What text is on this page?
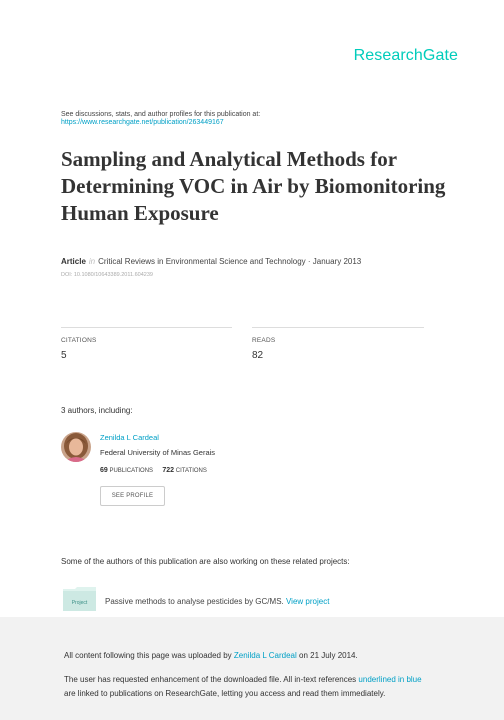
ResearchGate
See discussions, stats, and author profiles for this publication at:
https://www.researchgate.net/publication/263449167
Sampling and Analytical Methods for Determining VOC in Air by Biomonitoring Human Exposure
Article in Critical Reviews in Environmental Science and Technology · January 2013
DOI: 10.1080/10643389.2011.604239
CITATIONS
5
READS
82
3 authors, including:
Zenilda L Cardeal
Federal University of Minas Gerais
69 PUBLICATIONS 722 CITATIONS
SEE PROFILE
Some of the authors of this publication are also working on these related projects:
Project Passive methods to analyse pesticides by GC/MS. View project
All content following this page was uploaded by Zenilda L Cardeal on 21 July 2014.
The user has requested enhancement of the downloaded file. All in-text references underlined in blue
are linked to publications on ResearchGate, letting you access and read them immediately.
